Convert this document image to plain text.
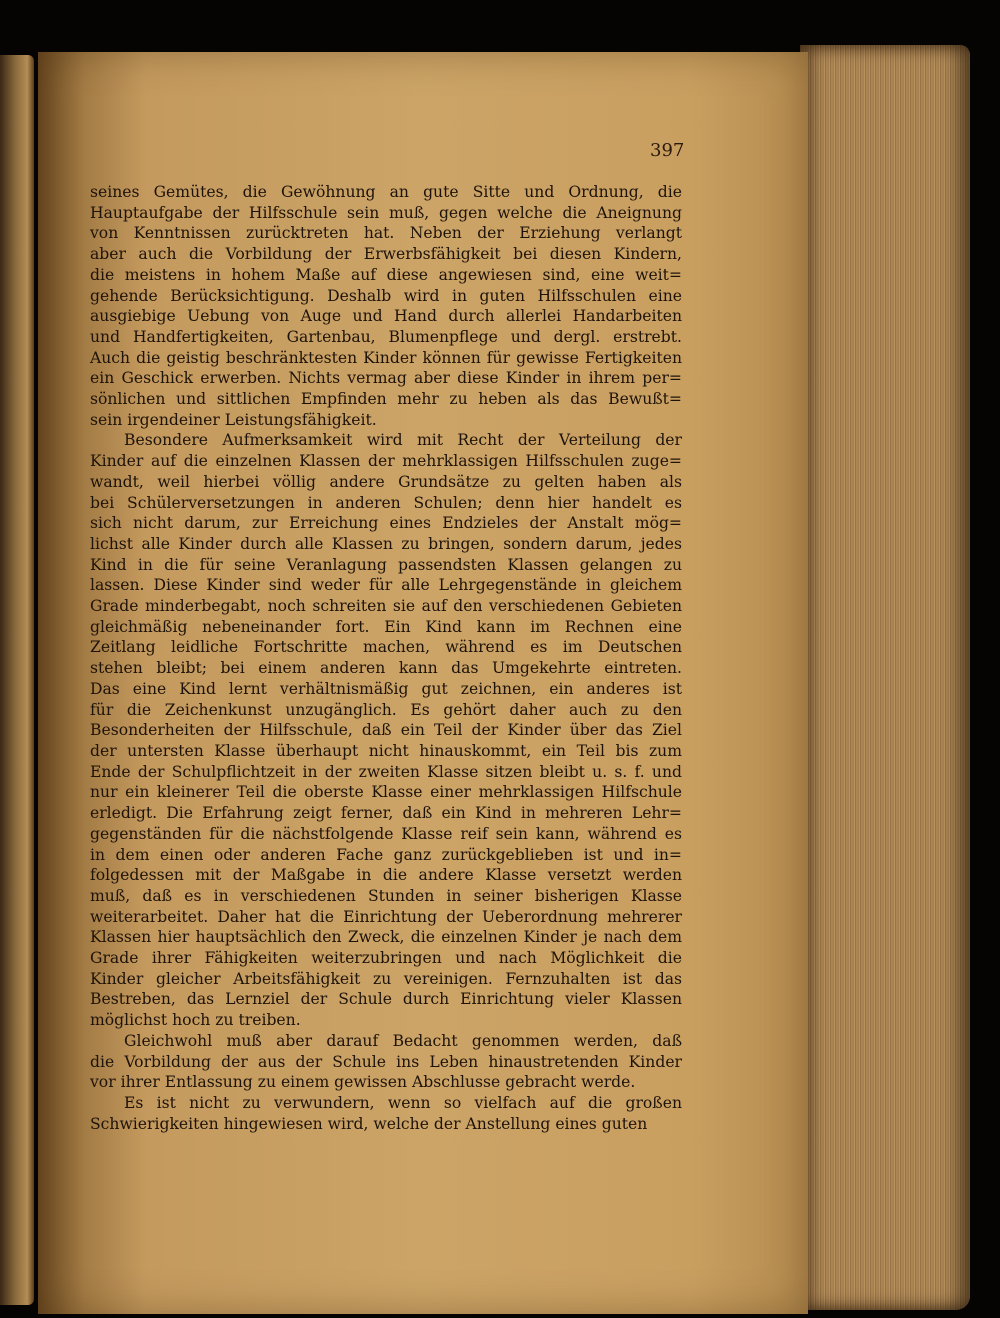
397

seines Gemütes, die Gewöhnung an gute Sitte und Ordnung, die
Hauptaufgabe der Hilfsschule sein muß, gegen welche die Aneignung
von Kenntnissen zurücktreten hat. Neben der Erziehung verlangt
aber auch die Vorbildung der Erwerbsfähigkeit bei diesen Kindern,
die meistens in hohem Maße auf diese angewiesen sind, eine weit=
gehende Berücksichtigung. Deshalb wird in guten Hilfsschulen eine
ausgiebige Uebung von Auge und Hand durch allerlei Handarbeiten
und Handfertigkeiten, Gartenbau, Blumenpflege und dergl. erstrebt.
Auch die geistig beschränktesten Kinder können für gewisse Fertigkeiten
ein Geschick erwerben. Nichts vermag aber diese Kinder in ihrem per=
sönlichen und sittlichen Empfinden mehr zu heben als das Bewußt=
sein irgendeiner Leistungsfähigkeit.

Besondere Aufmerksamkeit wird mit Recht der Verteilung der
Kinder auf die einzelnen Klassen der mehrklassigen Hilfsschulen zuge=
wandt, weil hierbei völlig andere Grundsätze zu gelten haben als
bei Schülerversetzungen in anderen Schulen; denn hier handelt es
sich nicht darum, zur Erreichung eines Endzieles der Anstalt mög=
lichst alle Kinder durch alle Klassen zu bringen, sondern darum, jedes
Kind in die für seine Veranlagung passendsten Klassen gelangen zu
lassen. Diese Kinder sind weder für alle Lehrgegenstände in gleichem
Grade minderbegabt, noch schreiten sie auf den verschiedenen Gebieten
gleichmäßig nebeneinander fort. Ein Kind kann im Rechnen eine
Zeitlang leidliche Fortschritte machen, während es im Deutschen
stehen bleibt; bei einem anderen kann das Umgekehrte eintreten.
Das eine Kind lernt verhältnismäßig gut zeichnen, ein anderes ist
für die Zeichenkunst unzugänglich. Es gehört daher auch zu den
Besonderheiten der Hilfsschule, daß ein Teil der Kinder über das Ziel
der untersten Klasse überhaupt nicht hinauskommt, ein Teil bis zum
Ende der Schulpflichtzeit in der zweiten Klasse sitzen bleibt u. s. f. und
nur ein kleinerer Teil die oberste Klasse einer mehrklassigen Hilfschule
erledigt. Die Erfahrung zeigt ferner, daß ein Kind in mehreren Lehr=
gegenständen für die nächstfolgende Klasse reif sein kann, während es
in dem einen oder anderen Fache ganz zurückgeblieben ist und in=
folgedessen mit der Maßgabe in die andere Klasse versetzt werden
muß, daß es in verschiedenen Stunden in seiner bisherigen Klasse
weiterarbeitet. Daher hat die Einrichtung der Ueberordnung mehrerer
Klassen hier hauptsächlich den Zweck, die einzelnen Kinder je nach dem
Grade ihrer Fähigkeiten weiterzubringen und nach Möglichkeit die
Kinder gleicher Arbeitsfähigkeit zu vereinigen. Fernzuhalten ist das
Bestreben, das Lernziel der Schule durch Einrichtung vieler Klassen
möglichst hoch zu treiben.

Gleichwohl muß aber darauf Bedacht genommen werden, daß
die Vorbildung der aus der Schule ins Leben hinaustretenden Kinder
vor ihrer Entlassung zu einem gewissen Abschlusse gebracht werde.

Es ist nicht zu verwundern, wenn so vielfach auf die großen
Schwierigkeiten hingewiesen wird, welche der Anstellung eines guten
